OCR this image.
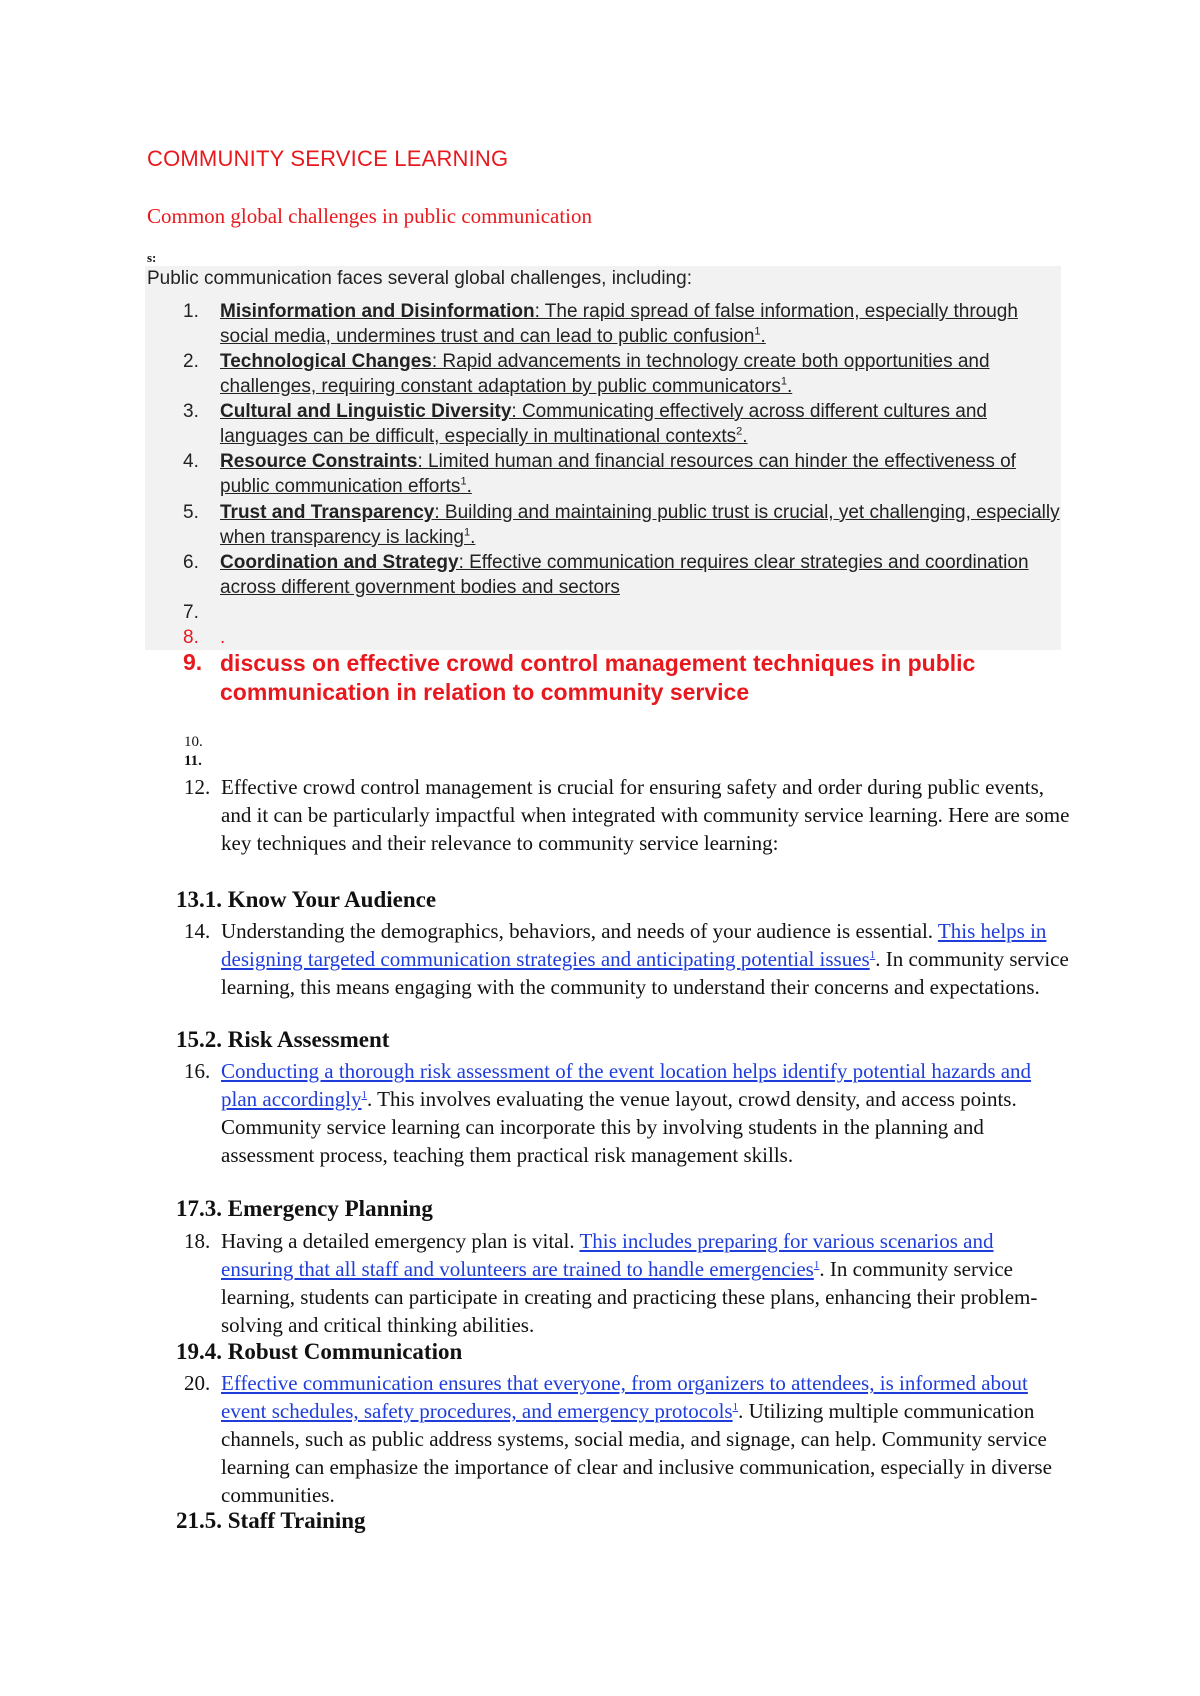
COMMUNITY SERVICE LEARNING
Common global challenges in public communication
s:
Public communication faces several global challenges, including:
1. Misinformation and Disinformation: The rapid spread of false information, especially through social media, undermines trust and can lead to public confusion$^1$.
2. Technological Changes: Rapid advancements in technology create both opportunities and challenges, requiring constant adaptation by public communicators$^1$.
3. Cultural and Linguistic Diversity: Communicating effectively across different cultures and languages can be difficult, especially in multinational contexts$^2$.
4. Resource Constraints: Limited human and financial resources can hinder the effectiveness of public communication efforts$^1$.
5. Trust and Transparency: Building and maintaining public trust is crucial, yet challenging, especially when transparency is lacking$^1$.
6. Coordination and Strategy: Effective communication requires clear strategies and coordination across different government bodies and sectors
7.
8. .
9. discuss on effective crowd control management techniques in public communication in relation to community service
10.
11.
12. Effective crowd control management is crucial for ensuring safety and order during public events, and it can be particularly impactful when integrated with community service learning. Here are some key techniques and their relevance to community service learning:
13.1. Know Your Audience
14. Understanding the demographics, behaviors, and needs of your audience is essential. This helps in designing targeted communication strategies and anticipating potential issues$^1$. In community service learning, this means engaging with the community to understand their concerns and expectations.
15.2. Risk Assessment
16. Conducting a thorough risk assessment of the event location helps identify potential hazards and plan accordingly$^1$. This involves evaluating the venue layout, crowd density, and access points. Community service learning can incorporate this by involving students in the planning and assessment process, teaching them practical risk management skills.
17.3. Emergency Planning
18. Having a detailed emergency plan is vital. This includes preparing for various scenarios and ensuring that all staff and volunteers are trained to handle emergencies$^1$. In community service learning, students can participate in creating and practicing these plans, enhancing their problem-solving and critical thinking abilities.
19.4. Robust Communication
20. Effective communication ensures that everyone, from organizers to attendees, is informed about event schedules, safety procedures, and emergency protocols$^1$. Utilizing multiple communication channels, such as public address systems, social media, and signage, can help. Community service learning can emphasize the importance of clear and inclusive communication, especially in diverse communities.
21.5. Staff Training
